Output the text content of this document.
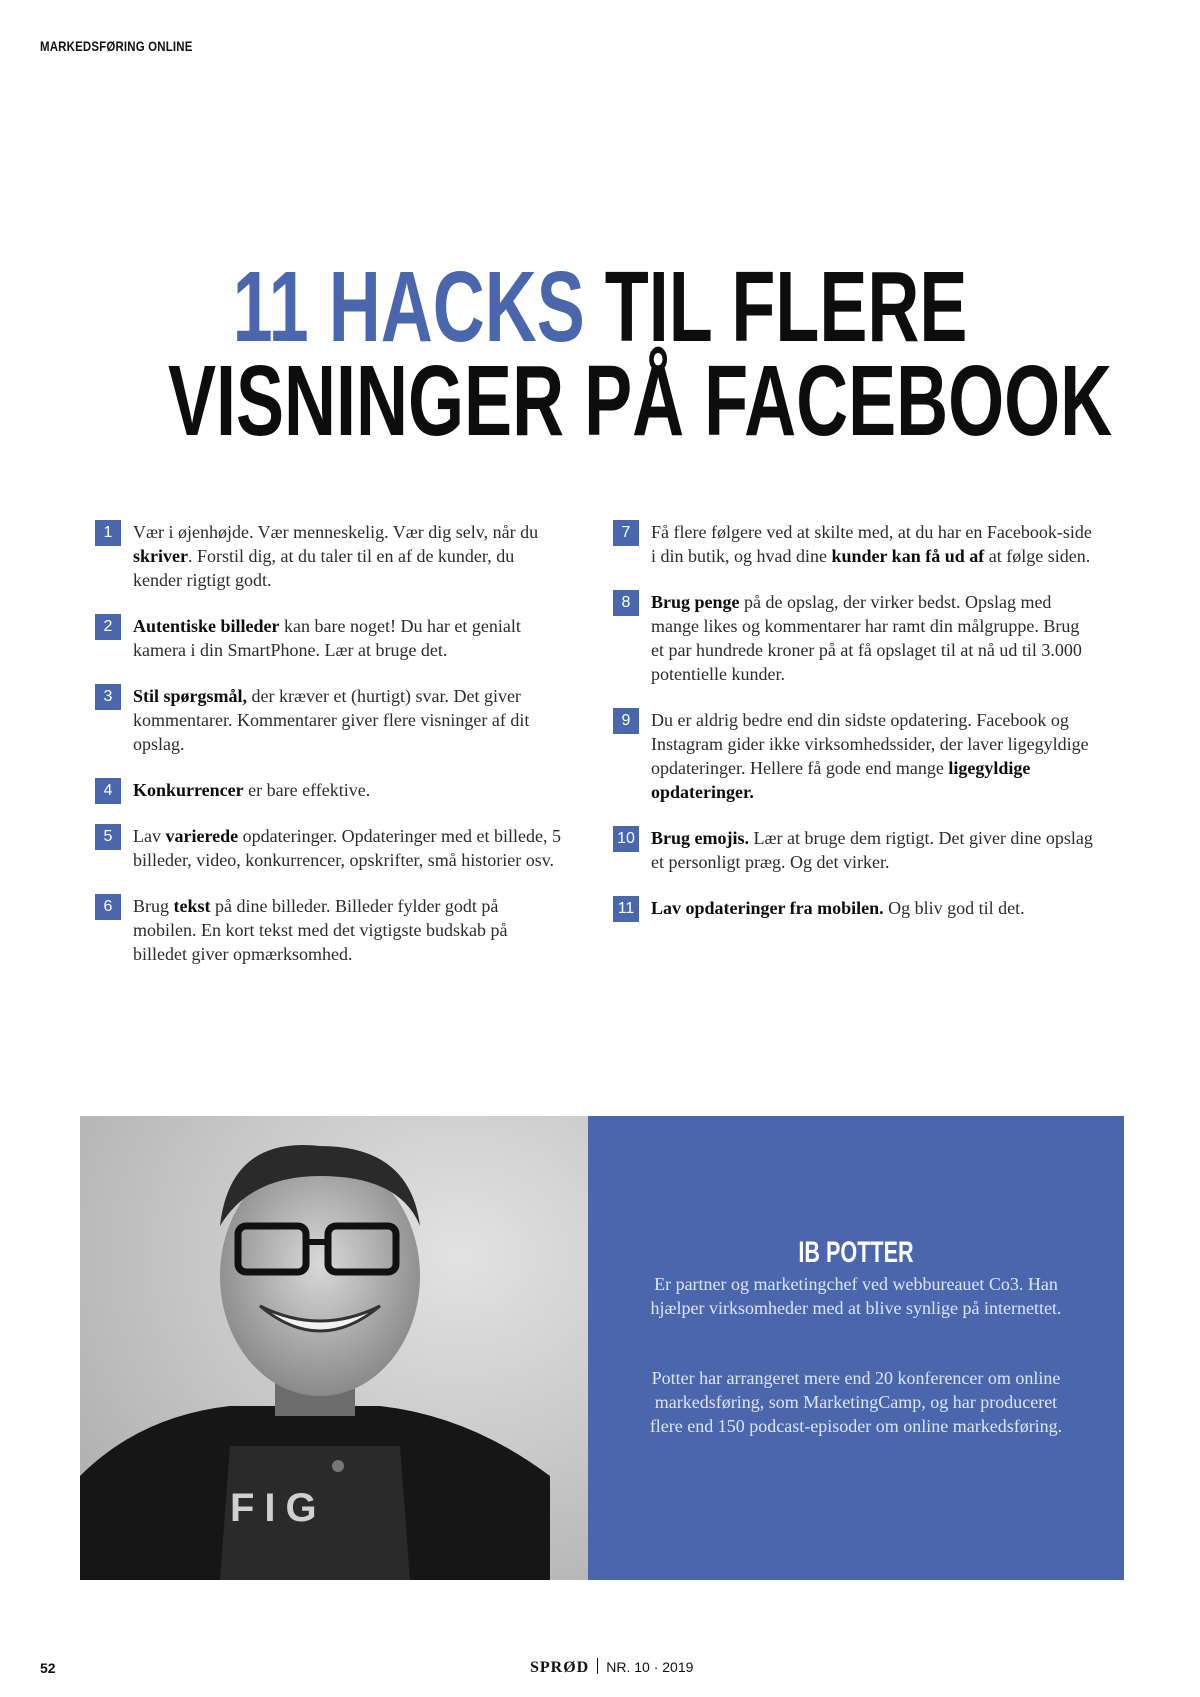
MARKEDSFØRING ONLINE
11 HACKS TIL FLERE
VISNINGER PÅ FACEBOOK
1	Vær i øjenhøjde. Vær menneskelig. Vær dig selv, når du skriver. Forstil dig, at du taler til en af de kunder, du kender rigtigt godt.
2	Autentiske billeder kan bare noget! Du har et genialt kamera i din SmartPhone. Lær at bruge det.
3	Stil spørgsmål, der kræver et (hurtigt) svar. Det giver kommentarer. Kommentarer giver flere visninger af dit opslag.
4	Konkurrencer er bare effektive.
5	Lav varierede opdateringer. Opdateringer med et billede, 5 billeder, video, konkurrencer, opskrifter, små historier osv.
6	Brug tekst på dine billeder. Billeder fylder godt på mobilen. En kort tekst med det vigtigste budskab på billedet giver opmærksomhed.
7	Få flere følgere ved at skilte med, at du har en Facebook-side i din butik, og hvad dine kunder kan få ud af at følge siden.
8	Brug penge på de opslag, der virker bedst. Opslag med mange likes og kommentarer har ramt din målgruppe. Brug et par hundrede kroner på at få opslaget til at nå ud til 3.000 potentielle kunder.
9	Du er aldrig bedre end din sidste opdatering. Facebook og Instagram gider ikke virksomhedssider, der laver ligegyldige opdateringer. Hellere få gode end mange ligegyldige opdateringer.
10 Brug emojis. Lær at bruge dem rigtigt. Det giver dine opslag et personligt præg. Og det virker.
11 Lav opdateringer fra mobilen. Og bliv god til det.
FIG
IB POTTER
Er partner og marketingchef ved webbureauet Co3. Han hjælper virksomheder med at blive synlige på internettet.
Potter har arrangeret mere end 20 konferencer om online markedsføring, som MarketingCamp, og har produceret flere end 150 podcast-episoder om online markedsføring.
52	SPRØD NR. 10 · 2019
